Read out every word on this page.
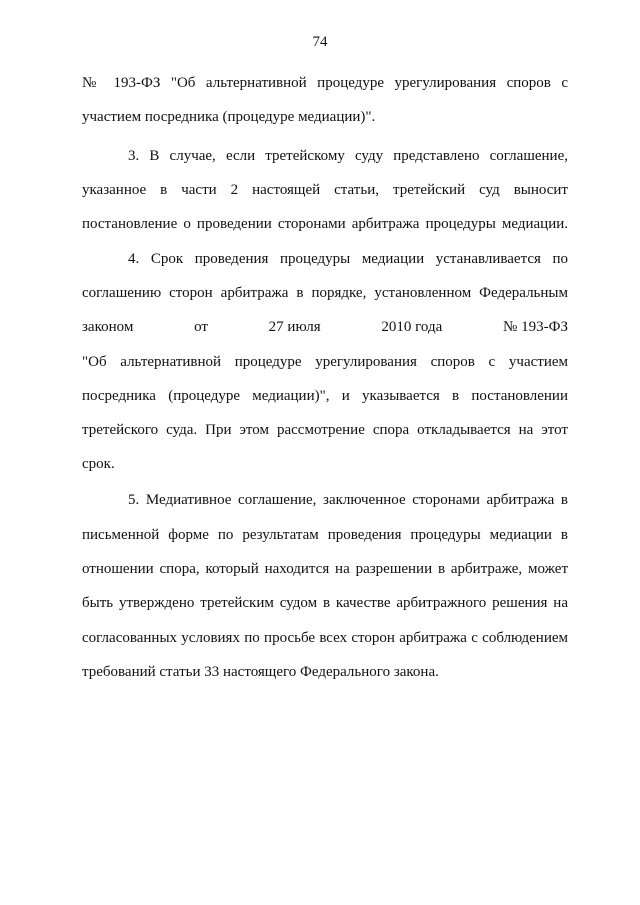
74
№ 193-ФЗ "Об альтернативной процедуре урегулирования споров с
участием посредника (процедуре медиации)".
3. В случае, если третейскому суду представлено соглашение,
указанное в части 2 настоящей статьи, третейский суд выносит
постановление о проведении сторонами арбитража процедуры медиации.
4. Срок проведения процедуры медиации устанавливается по
соглашению сторон арбитража в порядке, установленном Федеральным
законом	от	27 июля	2010 года	№ 193-ФЗ
"Об альтернативной процедуре урегулирования споров с участием
посредника (процедуре медиации)", и указывается в постановлении
третейского суда. При этом рассмотрение спора откладывается на этот
срок.
5. Медиативное соглашение, заключенное сторонами арбитража в
письменной форме по результатам проведения процедуры медиации в
отношении спора, который находится на разрешении в арбитраже, может
быть утверждено третейским судом в качестве арбитражного решения на
согласованных условиях по просьбе всех сторон арбитража с соблюдением
требований статьи 33 настоящего Федерального закона.
